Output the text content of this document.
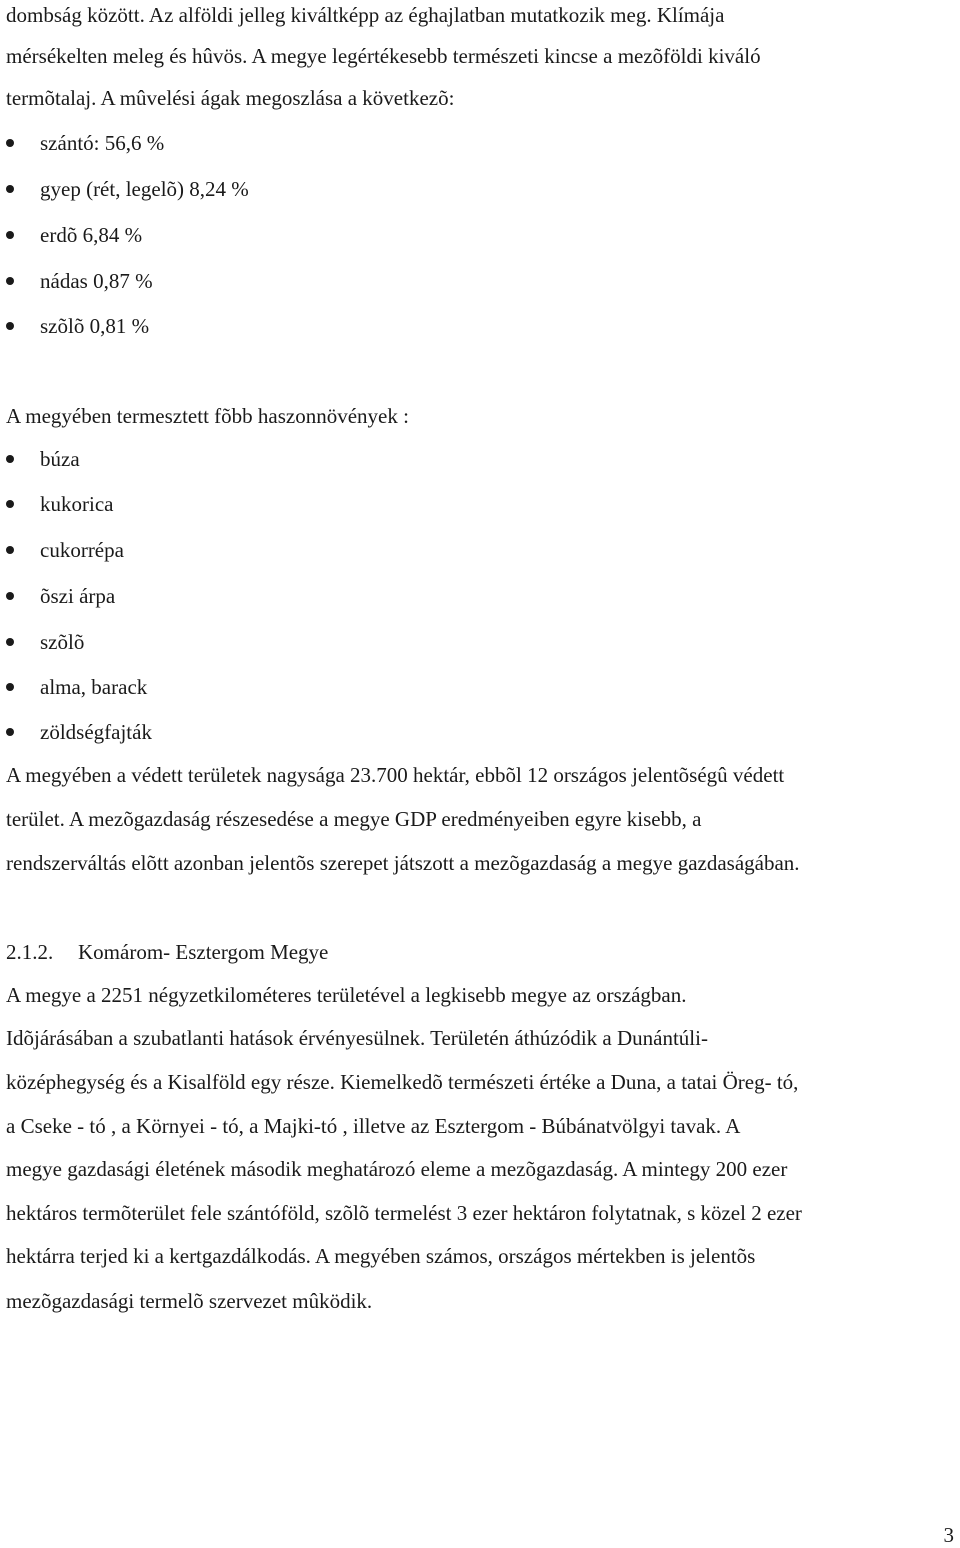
dombság között. Az alföldi jelleg kiváltképp az éghajlatban mutatkozik meg. Klímája
mérsékelten meleg és hûvös. A megye legértékesebb természeti kincse a mezõföldi kiváló
termõtalaj. A mûvelési ágak megoszlása a következõ:
szántó: 56,6 %
gyep (rét, legelõ) 8,24 %
erdõ 6,84 %
nádas 0,87 %
szõlõ 0,81 %
A megyében termesztett fõbb haszonnövények :
búza
kukorica
cukorrépa
õszi árpa
szõlõ
alma, barack
zöldségfajták
A megyében a védett területek nagysága 23.700 hektár, ebbõl 12 országos jelentõségû védett
terület. A mezõgazdaság részesedése a megye GDP eredményeiben egyre kisebb, a
rendszerváltás elõtt azonban jelentõs szerepet játszott a mezõgazdaság a megye gazdaságában.
2.1.2. Komárom- Esztergom Megye
A megye a 2251 négyzetkilométeres területével a legkisebb megye az országban.
Idõjárásában a szubatlanti hatások érvényesülnek. Területén áthúzódik a Dunántúli-
középhegység és a Kisalföld egy része. Kiemelkedõ természeti értéke a Duna, a tatai Öreg- tó,
a Cseke - tó , a Környei - tó, a Majki-tó , illetve az Esztergom - Búbánatvölgyi tavak. A
megye gazdasági életének második meghatározó eleme a mezõgazdaság. A mintegy 200 ezer
hektáros termõterület fele szántóföld, szõlõ termelést 3 ezer hektáron folytatnak, s közel 2 ezer
hektárra terjed ki a kertgazdálkodás. A megyében számos, országos mértekben is jelentõs
mezõgazdasági termelõ szervezet mûködik.
3
